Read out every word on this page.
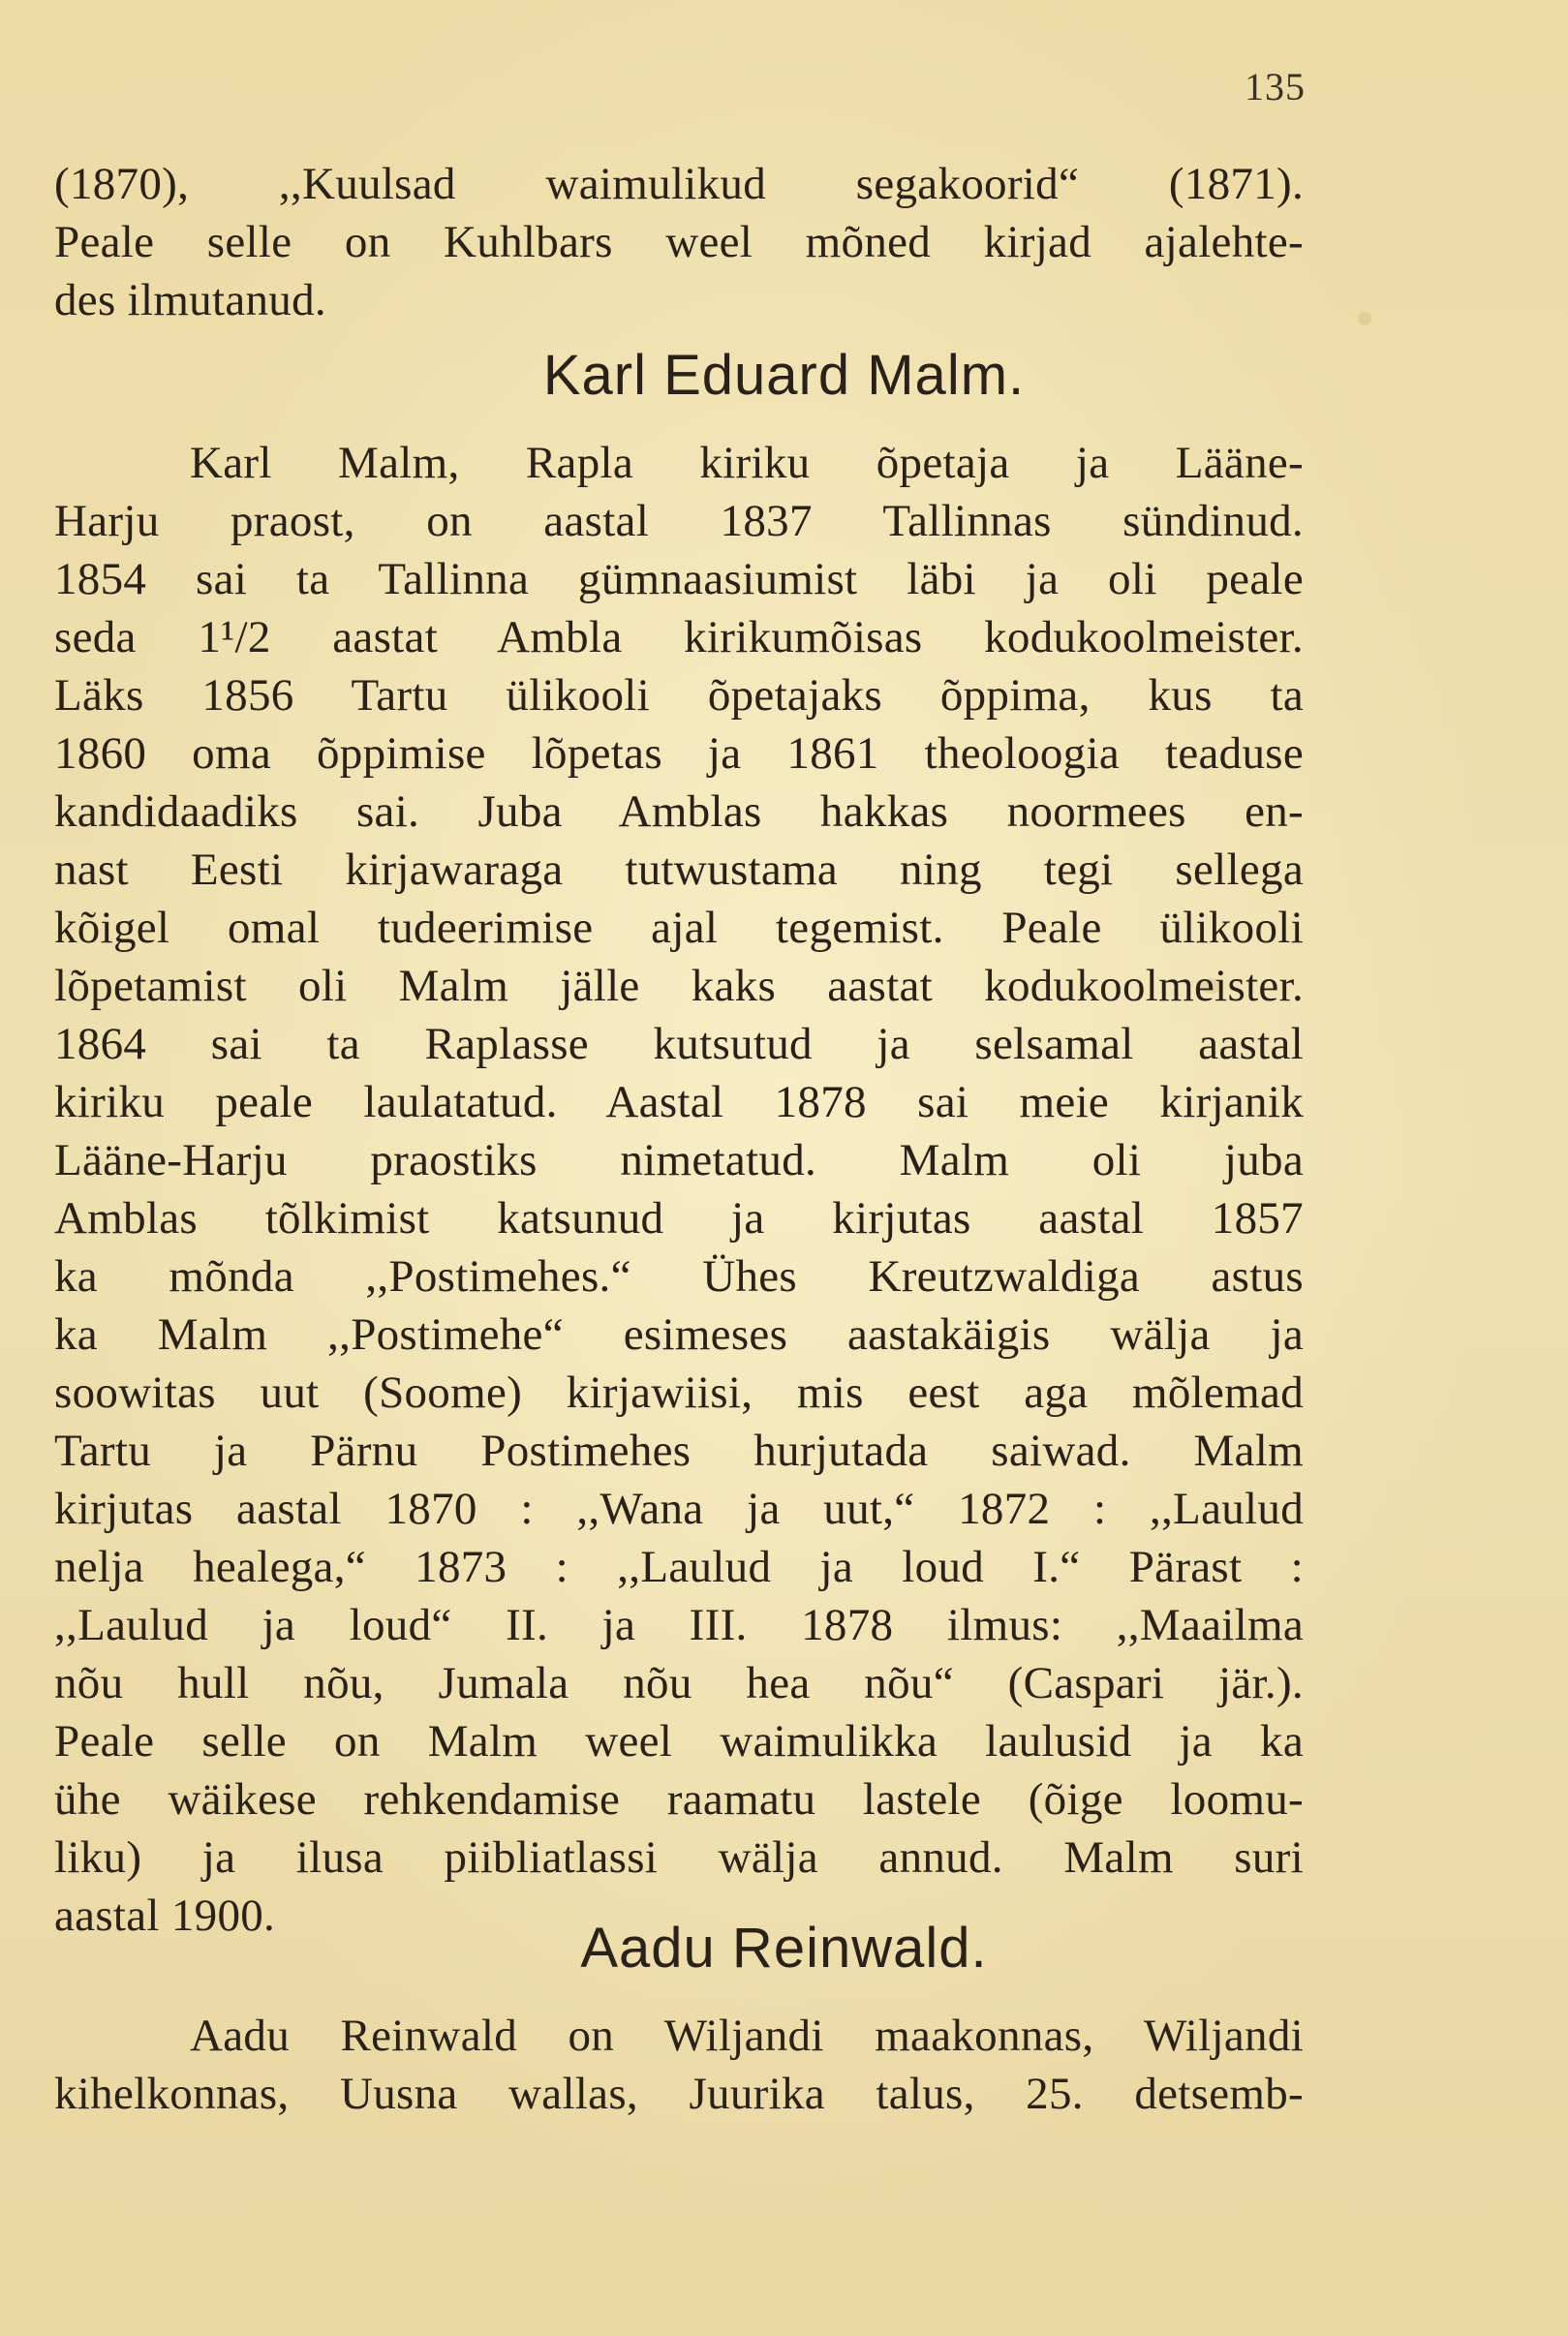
135
(1870), ,,Kuulsad waimulikud segakoorid“ (1871).
Peale selle on Kuhlbars weel mõned kirjad ajalehte-
des ilmutanud.
Karl Eduard Malm.
Karl Malm, Rapla kiriku õpetaja ja Lääne-
Harju praost, on aastal 1837 Tallinnas sündinud.
1854 sai ta Tallinna gümnaasiumist läbi ja oli peale
seda 1¹/2 aastat Ambla kirikumõisas kodukoolmeister.
Läks 1856 Tartu ülikooli õpetajaks õppima, kus ta
1860 oma õppimise lõpetas ja 1861 theoloogia teaduse
kandidaadiks sai. Juba Amblas hakkas noormees en-
nast Eesti kirjawaraga tutwustama ning tegi sellega
kõigel omal tudeerimise ajal tegemist. Peale ülikooli
lõpetamist oli Malm jälle kaks aastat kodukoolmeister.
1864 sai ta Raplasse kutsutud ja selsamal aastal
kiriku peale laulatatud. Aastal 1878 sai meie kirjanik
Lääne-Harju praostiks nimetatud. Malm oli juba
Amblas tõlkimist katsunud ja kirjutas aastal 1857
ka mõnda ,,Postimehes.“ Ühes Kreutzwaldiga astus
ka Malm ,,Postimehe“ esimeses aastakäigis wälja ja
soowitas uut (Soome) kirjawiisi, mis eest aga mõlemad
Tartu ja Pärnu Postimehes hurjutada saiwad. Malm
kirjutas aastal 1870 : ,,Wana ja uut,“ 1872 : ,,Laulud
nelja healega,“ 1873 : ,,Laulud ja loud I.“ Pärast :
,,Laulud ja loud“ II. ja III. 1878 ilmus: ,,Maailma
nõu hull nõu, Jumala nõu hea nõu“ (Caspari jär.).
Peale selle on Malm weel waimulikka laulusid ja ka
ühe wäikese rehkendamise raamatu lastele (õige loomu-
liku) ja ilusa piibliatlassi wälja annud. Malm suri
aastal 1900.
Aadu Reinwald.
Aadu Reinwald on Wiljandi maakonnas, Wiljandi
kihelkonnas, Uusna wallas, Juurika talus, 25. detsemb-
